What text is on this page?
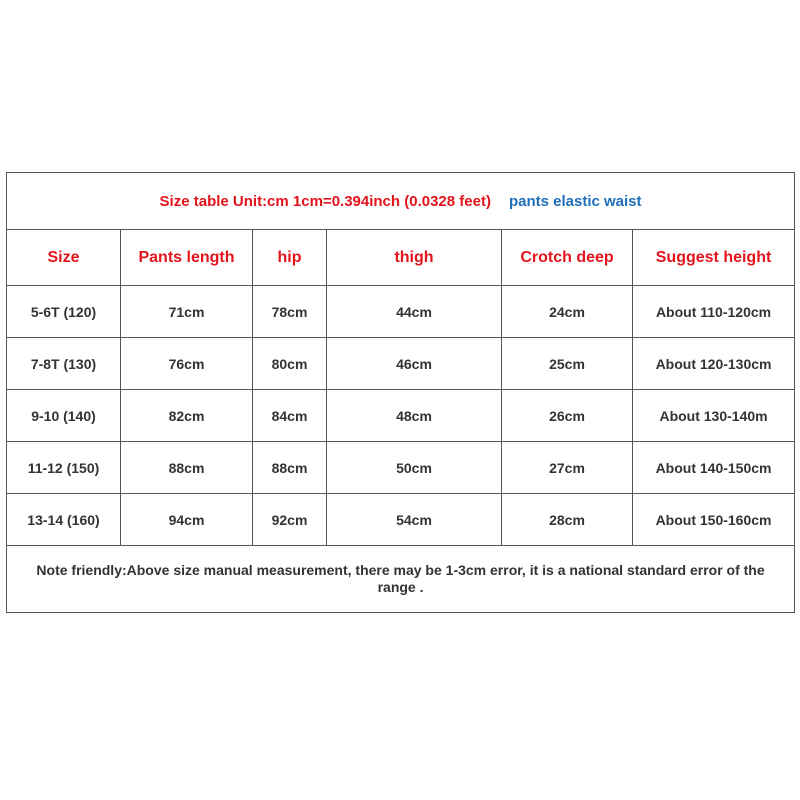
Size table Unit:cm 1cm=0.394inch (0.0328 feet) pants elastic waist					
Size	Pants length	hip	thigh	Crotch deep	Suggest height
5-6T (120)	71cm	78cm	44cm	24cm	About 110-120cm
7-8T (130)	76cm	80cm	46cm	25cm	About 120-130cm
9-10 (140)	82cm	84cm	48cm	26cm	About 130-140m
11-12 (150)	88cm	88cm	50cm	27cm	About 140-150cm
13-14 (160)	94cm	92cm	54cm	28cm	About 150-160cm
Note friendly:Above size manual measurement, there may be 1-3cm error, it is a national standard error of the range .					
